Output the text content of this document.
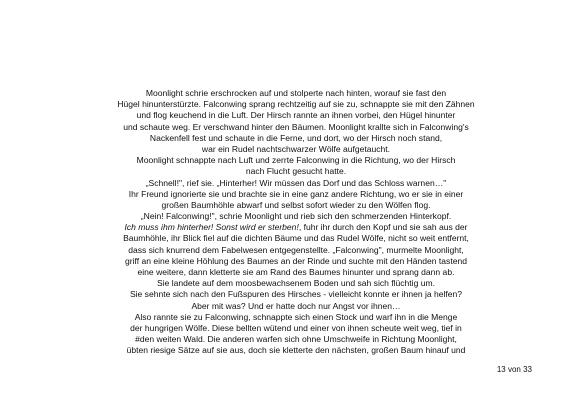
Moonlight schrie erschrocken auf und stolperte nach hinten, worauf sie fast den
Hügel hinunterstürzte. Falconwing sprang rechtzeitig auf sie zu, schnappte sie mit den Zähnen
und flog keuchend in die Luft. Der Hirsch rannte an ihnen vorbei, den Hügel hinunter
und schaute weg. Er verschwand hinter den Bäumen. Moonlight krallte sich in Falconwing's
Nackenfell fest und schaute in die Ferne, und dort, wo der Hirsch noch stand,
war ein Rudel nachtschwarzer Wölfe aufgetaucht.
Moonlight schnappte nach Luft und zerrte Falconwing in die Richtung, wo der Hirsch
nach Flucht gesucht hatte.
„Schnell!", rief sie. „Hinterher! Wir müssen das Dorf und das Schloss warnen…"
Ihr Freund ignorierte sie und brachte sie in eine ganz andere Richtung, wo er sie in einer
großen Baumhöhle abwarf und selbst sofort wieder zu den Wölfen flog.
„Nein! Falconwing!", schrie Moonlight und rieb sich den schmerzenden Hinterkopf.
Ich muss ihm hinterher! Sonst wird er sterben!, fuhr ihr durch den Kopf und sie sah aus der
Baumhöhle, ihr Blick fiel auf die dichten Bäume und das Rudel Wölfe, nicht so weit entfernt,
dass sich knurrend dem Fabelwesen entgegenstellte. „Falconwing", murmelte Moonlight,
griff an eine kleine Höhlung des Baumes an der Rinde und suchte mit den Händen tastend
eine weitere, dann kletterte sie am Rand des Baumes hinunter und sprang dann ab.
Sie landete auf dem moosbewachsenem Boden und sah sich flüchtig um.
Sie sehnte sich nach den Fußspuren des Hirsches - vielleicht konnte er ihnen ja helfen?
Aber mit was? Und er hatte doch nur Angst vor ihnen…
Also rannte sie zu Falconwing, schnappte sich einen Stock und warf ihn in die Menge
der hungrigen Wölfe. Diese bellten wütend und einer von ihnen scheute weit weg, tief in
#den weiten Wald. Die anderen warfen sich ohne Umschweife in Richtung Moonlight,
übten riesige Sätze auf sie aus, doch sie kletterte den nächsten, großen Baum hinauf und
13 von 33
